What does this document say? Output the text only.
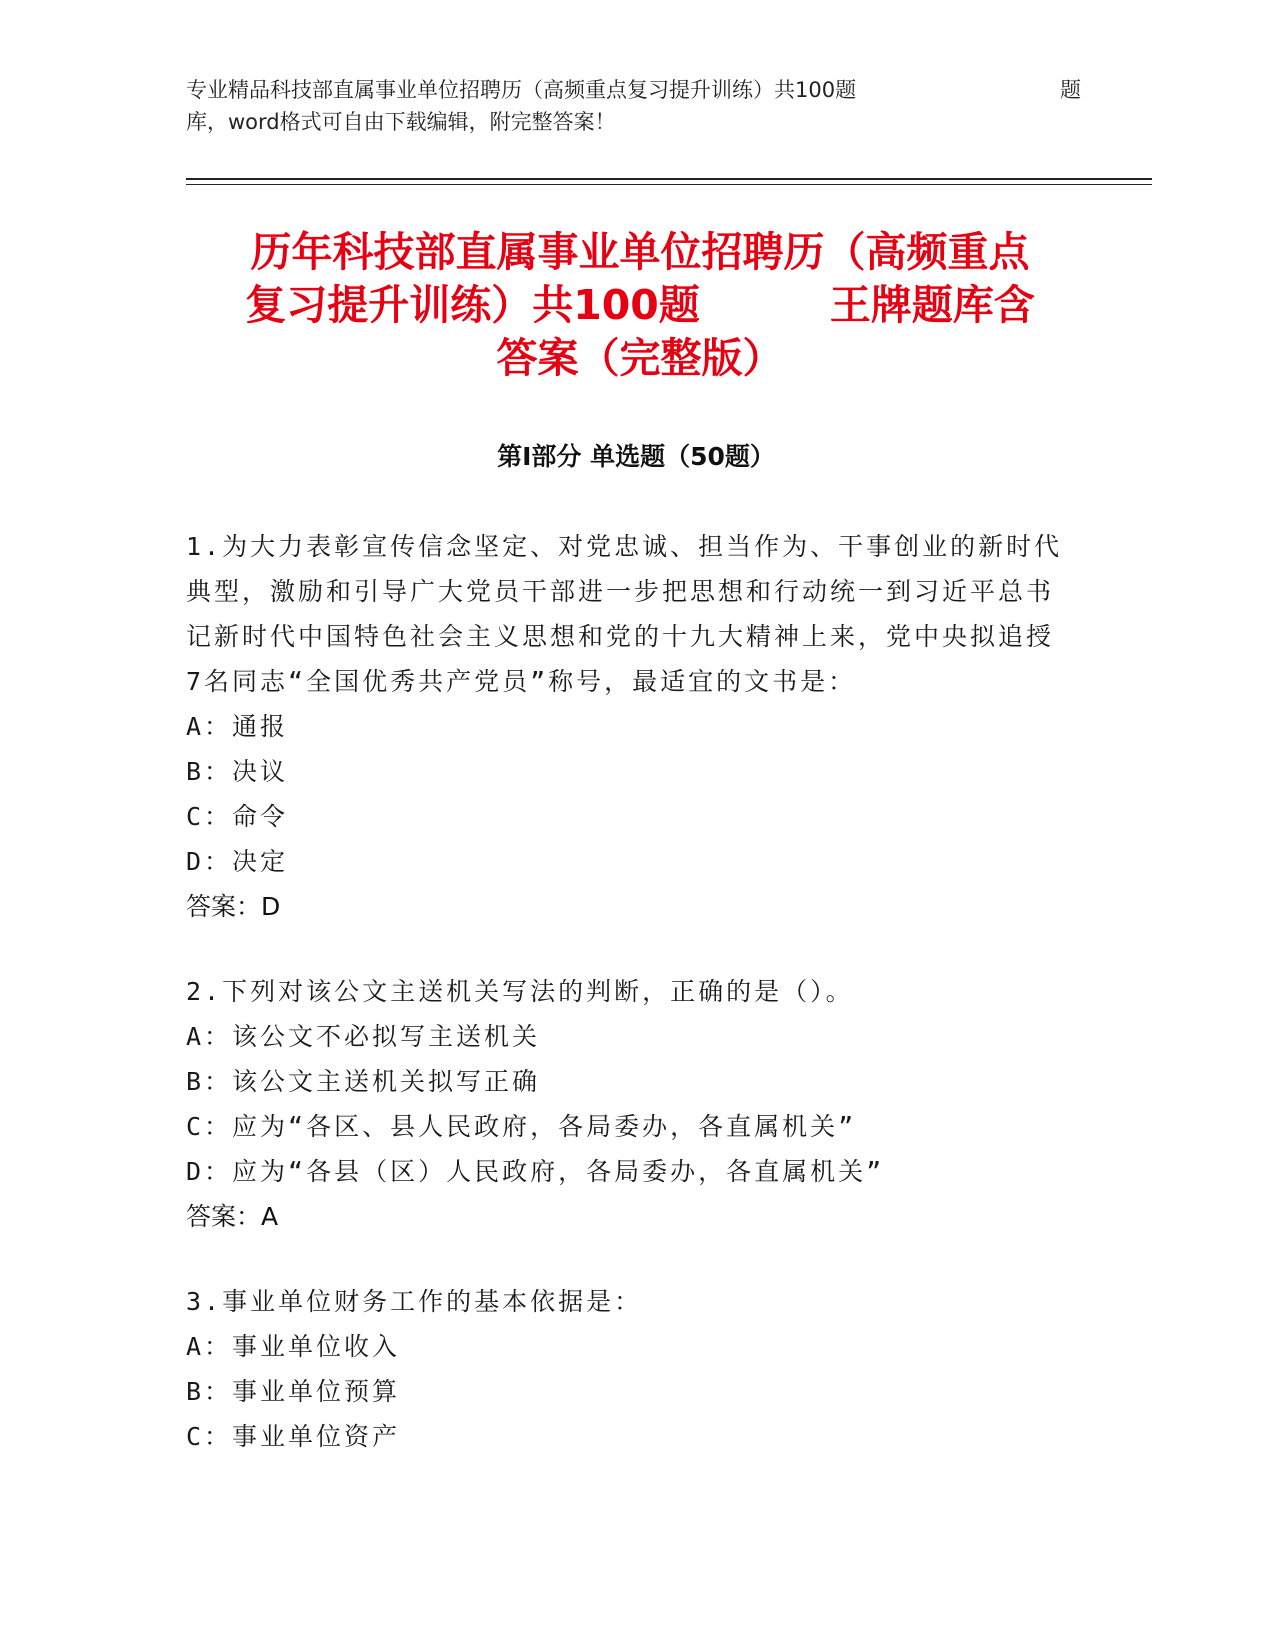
专业精品科技部直属事业单位招聘历（高频重点复习提升训练）共100题	题
库，word格式可自由下载编辑，附完整答案！
历年科技部直属事业单位招聘历（高频重点
复习提升训练）共100题	王牌题库含
答案（完整版）
第Ⅰ部分 单选题（50题）

1.为大力表彰宣传信念坚定、对党忠诚、担当作为、干事创业的新时代典型，激励和引导广大党员干部进一步把思想和行动统一到习近平总书记新时代中国特色社会主义思想和党的十九大精神上来，党中央拟追授7名同志“全国优秀共产党员”称号，最适宜的文书是：

A：通报
B：决议
C：命令
D：决定
答案：D

2.下列对该公文主送机关写法的判断，正确的是（）。

A：该公文不必拟写主送机关
B：该公文主送机关拟写正确
C：应为“各区、县人民政府，各局委办，各直属机关”
D：应为“各县（区）人民政府，各局委办，各直属机关”
答案：A

3.事业单位财务工作的基本依据是：

A：事业单位收入
B：事业单位预算
C：事业单位资产
